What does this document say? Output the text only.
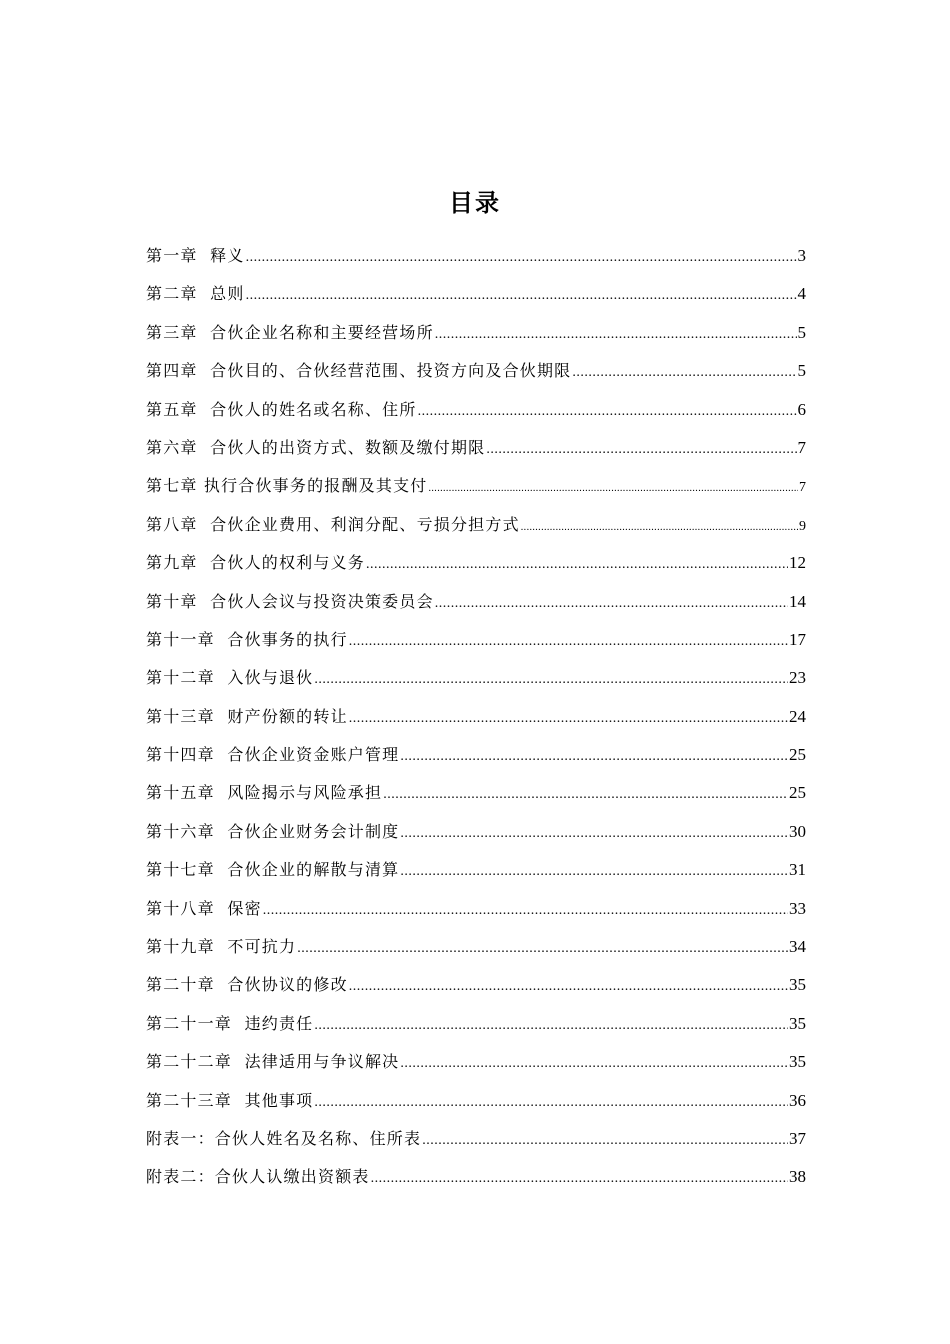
目录
第一章  释义 .....	3
第二章  总则 .....	4
第三章  合伙企业名称和主要经营场所 .....	5
第四章  合伙目的、合伙经营范围、投资方向及合伙期限 .....	5
第五章  合伙人的姓名或名称、住所 .....	6
第六章  合伙人的出资方式、数额及缴付期限 .....	7
第七章 执行合伙事务的报酬及其支付 .....	7
第八章  合伙企业费用、利润分配、亏损分担方式 .....	9
第九章  合伙人的权利与义务 .....	12
第十章  合伙人会议与投资决策委员会 .....	14
第十一章  合伙事务的执行 .....	17
第十二章  入伙与退伙 .....	23
第十三章  财产份额的转让 .....	24
第十四章  合伙企业资金账户管理 .....	25
第十五章  风险揭示与风险承担 .....	25
第十六章  合伙企业财务会计制度 .....	30
第十七章  合伙企业的解散与清算 .....	31
第十八章  保密 .....	33
第十九章  不可抗力 .....	34
第二十章  合伙协议的修改 .....	35
第二十一章  违约责任 .....	35
第二十二章  法律适用与争议解决 .....	35
第二十三章  其他事项 .....	36
附表一：合伙人姓名及名称、住所表 .....	37
附表二：合伙人认缴出资额表 .....	38
